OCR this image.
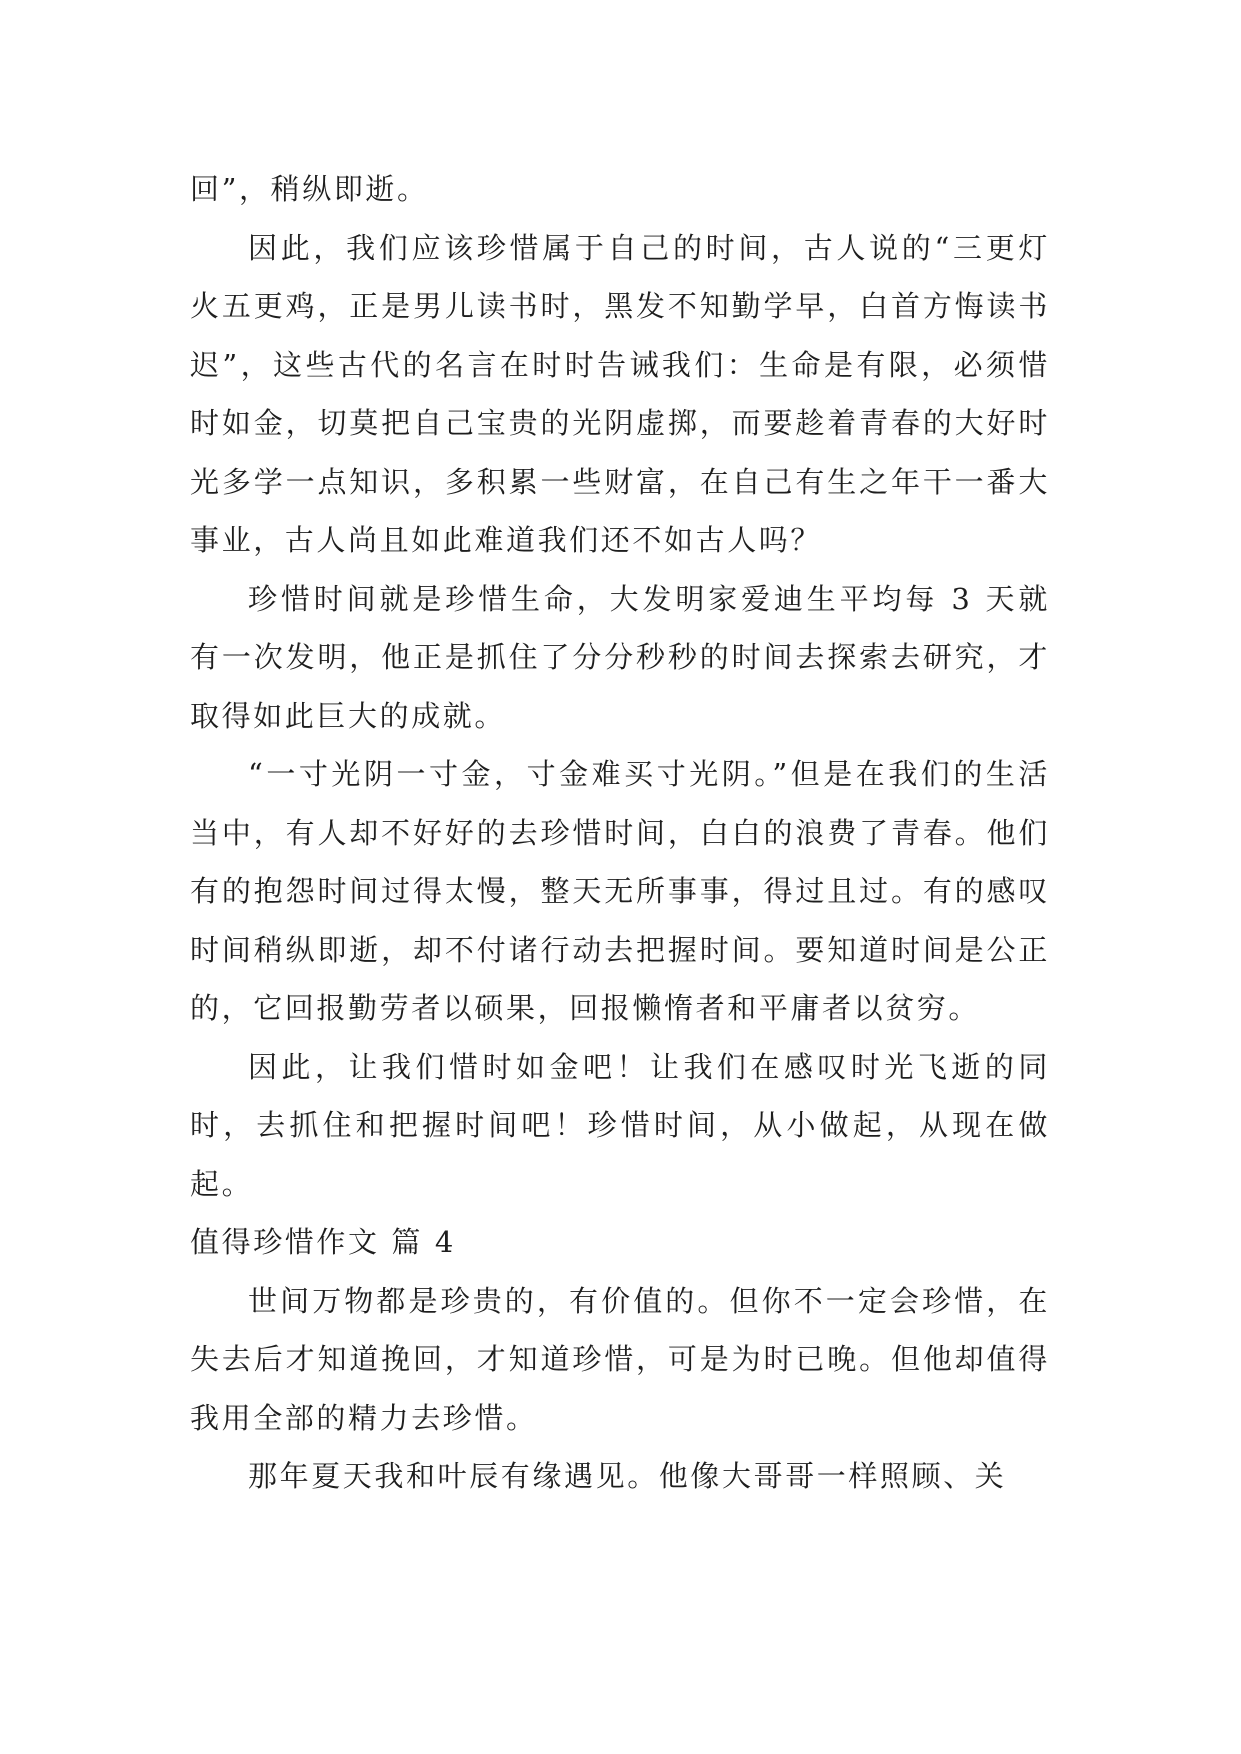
回”，稍纵即逝。

因此，我们应该珍惜属于自己的时间，古人说的“三更灯火五更鸡，正是男儿读书时，黑发不知勤学早，白首方悔读书迟”，这些古代的名言在时时告诫我们：生命是有限，必须惜时如金，切莫把自己宝贵的光阴虚掷，而要趁着青春的大好时光多学一点知识，多积累一些财富，在自己有生之年干一番大事业，古人尚且如此难道我们还不如古人吗？

珍惜时间就是珍惜生命，大发明家爱迪生平均每 3 天就有一次发明，他正是抓住了分分秒秒的时间去探索去研究，才取得如此巨大的成就。

“一寸光阴一寸金，寸金难买寸光阴。”但是在我们的生活当中，有人却不好好的去珍惜时间，白白的浪费了青春。他们有的抱怨时间过得太慢，整天无所事事，得过且过。有的感叹时间稍纵即逝，却不付诸行动去把握时间。要知道时间是公正的，它回报勤劳者以硕果，回报懒惰者和平庸者以贫穷。

因此，让我们惜时如金吧！让我们在感叹时光飞逝的同时，去抓住和把握时间吧！珍惜时间，从小做起，从现在做起。

值得珍惜作文 篇 4

世间万物都是珍贵的，有价值的。但你不一定会珍惜，在失去后才知道挽回，才知道珍惜，可是为时已晚。但他却值得我用全部的精力去珍惜。

那年夏天我和叶辰有缘遇见。他像大哥哥一样照顾、关
